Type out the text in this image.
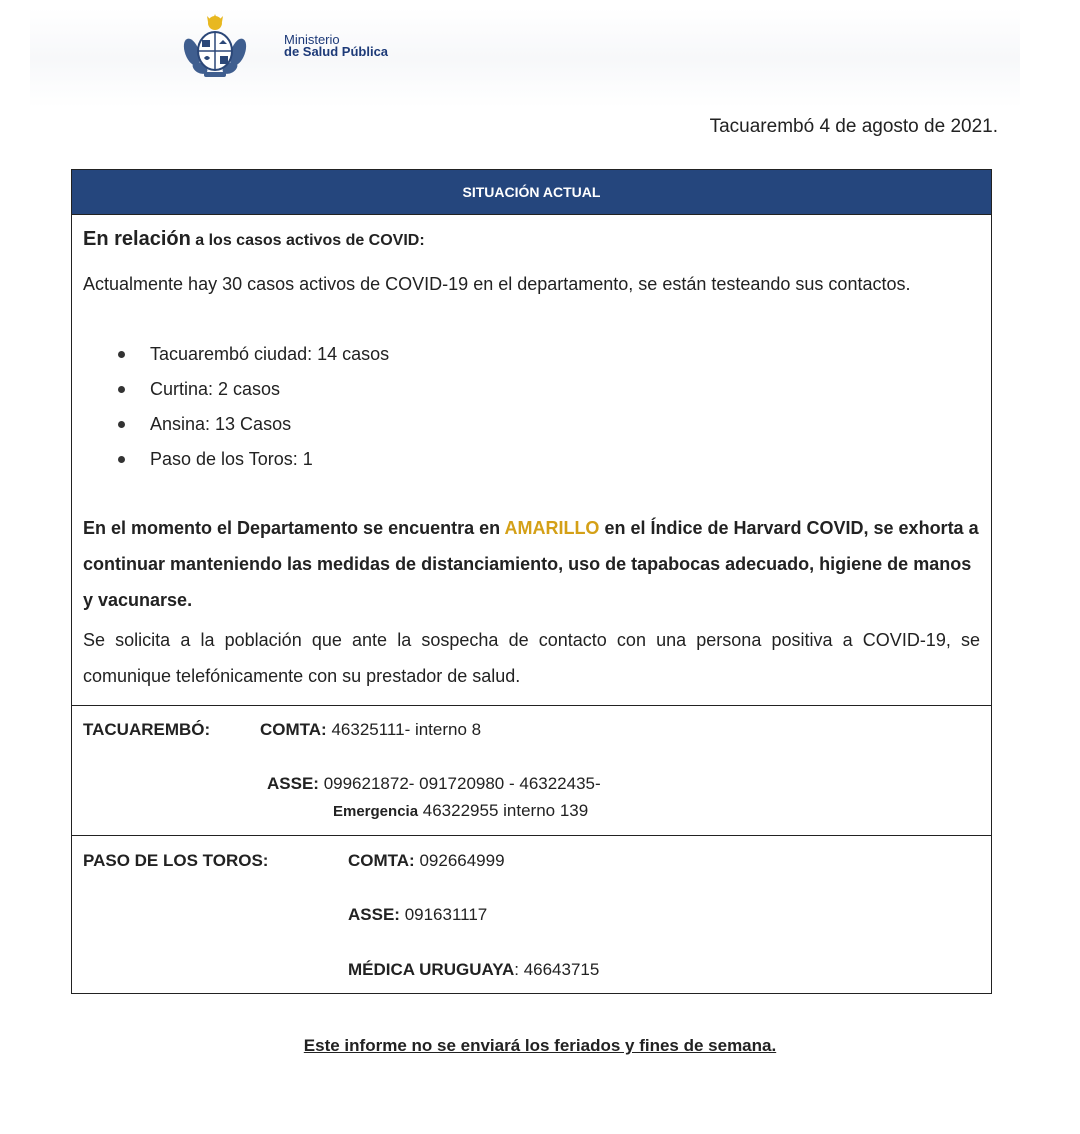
Ministerio
de Salud Pública
Tacuarembó 4 de agosto de 2021.
SITUACIÓN ACTUAL
En relación a los casos activos de COVID:
Actualmente hay 30 casos activos de COVID-19 en el departamento, se están testeando sus contactos.
Tacuarembó ciudad: 14 casos
Curtina: 2 casos
Ansina: 13 Casos
Paso de los Toros: 1
En el momento el Departamento se encuentra en AMARILLO en el Índice de Harvard COVID, se exhorta a continuar manteniendo las medidas de distanciamiento, uso de tapabocas adecuado, higiene de manos y vacunarse.
Se solicita a la población que ante la sospecha de contacto con una persona positiva a COVID-19, se comunique telefónicamente con su prestador de salud.
TACUAREMBÓ:	COMTA: 46325111- interno 8
ASSE: 099621872- 091720980 - 46322435-
Emergencia 46322955 interno 139
PASO DE LOS TOROS:	COMTA: 092664999
ASSE: 091631117
MÉDICA URUGUAYA: 46643715
Este informe no se enviará los feriados y fines de semana.
